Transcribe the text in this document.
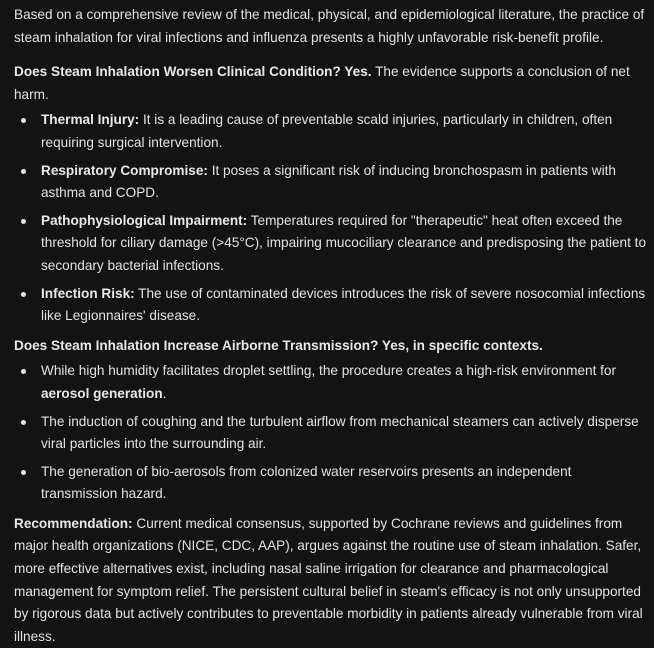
Based on a comprehensive review of the medical, physical, and epidemiological literature, the practice of steam inhalation for viral infections and influenza presents a highly unfavorable risk-benefit profile.

Does Steam Inhalation Worsen Clinical Condition? Yes. The evidence supports a conclusion of net harm.

Thermal Injury: It is a leading cause of preventable scald injuries, particularly in children, often requiring surgical intervention.
Respiratory Compromise: It poses a significant risk of inducing bronchospasm in patients with asthma and COPD.
Pathophysiological Impairment: Temperatures required for "therapeutic" heat often exceed the threshold for ciliary damage (>45°C), impairing mucociliary clearance and predisposing the patient to secondary bacterial infections.
Infection Risk: The use of contaminated devices introduces the risk of severe nosocomial infections like Legionnaires' disease.

Does Steam Inhalation Increase Airborne Transmission? Yes, in specific contexts.

While high humidity facilitates droplet settling, the procedure creates a high-risk environment for aerosol generation.
The induction of coughing and the turbulent airflow from mechanical steamers can actively disperse viral particles into the surrounding air.
The generation of bio-aerosols from colonized water reservoirs presents an independent transmission hazard.

Recommendation: Current medical consensus, supported by Cochrane reviews and guidelines from major health organizations (NICE, CDC, AAP), argues against the routine use of steam inhalation. Safer, more effective alternatives exist, including nasal saline irrigation for clearance and pharmacological management for symptom relief. The persistent cultural belief in steam's efficacy is not only unsupported by rigorous data but actively contributes to preventable morbidity in patients already vulnerable from viral illness.
